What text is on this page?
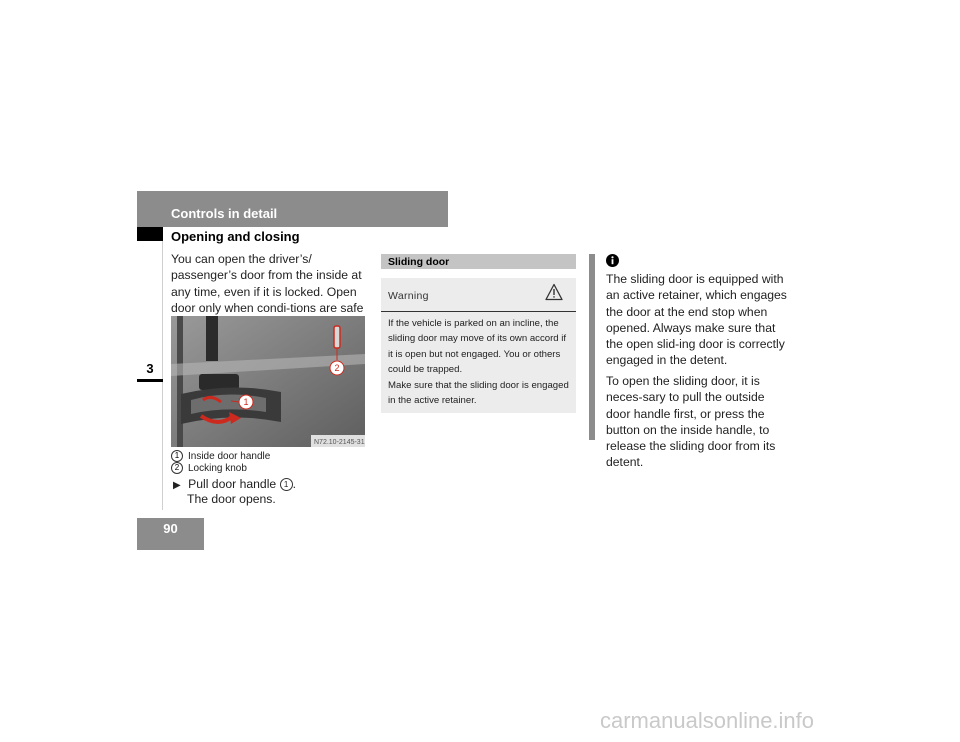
Controls in detail
Opening and closing
3
90
You can open the driver’s/ passenger’s door from the inside at any time, even if it is locked. Open door only when condi-tions are safe
2
1
N72.10-2145-31
1 Inside door handle
2 Locking knob
▶ Pull door handle 1 .
The door opens.
Sliding door
Warning
If the vehicle is parked on an incline, the sliding door may move of its own accord if it is open but not engaged. You or others could be trapped.
Make sure that the sliding door is engaged in the active retainer.
The sliding door is equipped with an active retainer, which engages the door at the end stop when opened. Always make sure that the open slid-ing door is correctly engaged in the detent.
To open the sliding door, it is neces-sary to pull the outside door handle first, or press the button on the inside handle, to release the sliding door from its detent.
carmanualsonline.info
